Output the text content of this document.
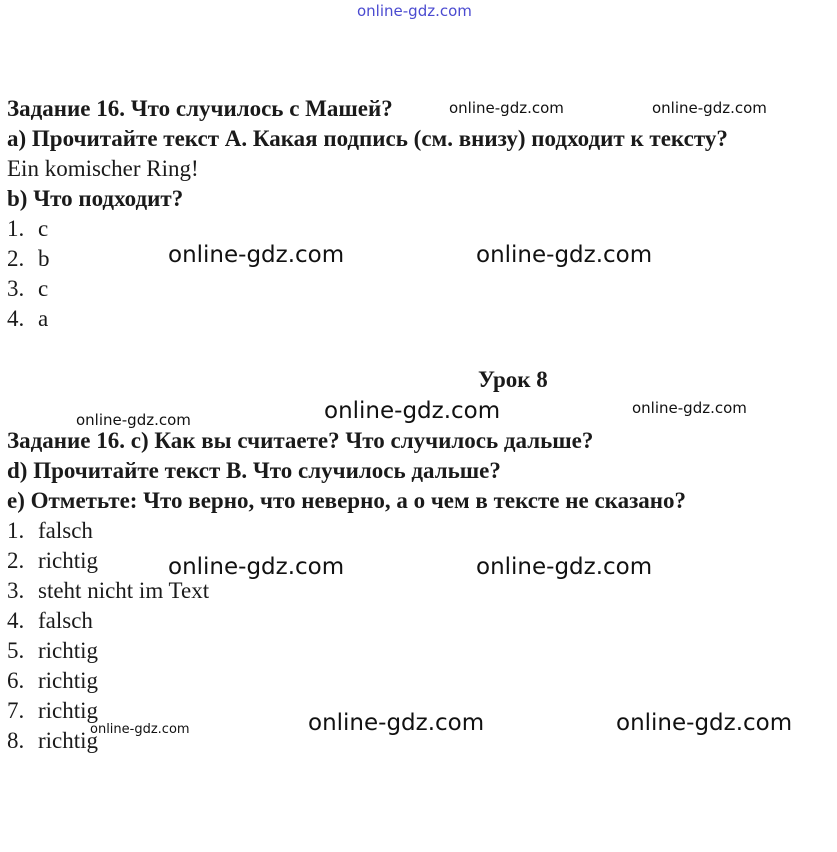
online-gdz.com
online-gdz.com	online-gdz.com
online-gdz.com	online-gdz.com
online-gdz.com	online-gdz.com	online-gdz.com
online-gdz.com	online-gdz.com
online-gdz.com	online-gdz.com
online-gdz.com
Задание 16. Что случилось с Машей?
a) Прочитайте текст А. Какая подпись (см. внизу) подходит к тексту?
Ein komischer Ring!
b) Что подходит?
1. c
2. b
3. c
4. a
Урок 8
Задание 16. c) Как вы считаете? Что случилось дальше?
d) Прочитайте текст В. Что случилось дальше?
e) Отметьте: Что верно, что неверно, а о чем в тексте не сказано?
1. falsch
2. richtig
3. steht nicht im Text
4. falsch
5. richtig
6. richtig
7. richtig
8. richtig
